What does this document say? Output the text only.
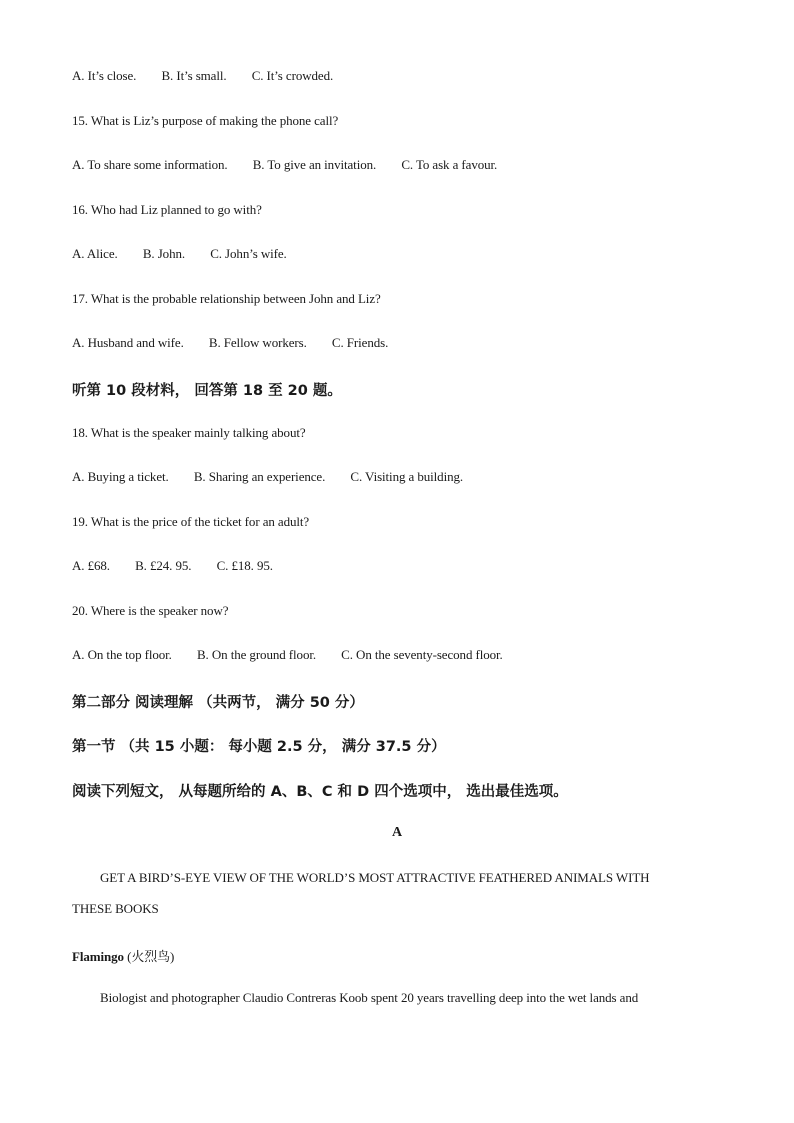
A. It’s close. B. It’s small. C. It’s crowded.
15. What is Liz’s purpose of making the phone call?
A. To share some information. B. To give an invitation. C. To ask a favour.
16. Who had Liz planned to go with?
A. Alice. B. John. C. John’s wife.
17. What is the probable relationship between John and Liz?
A. Husband and wife. B. Fellow workers. C. Friends.
听第 10 段材料， 回答第 18 至 20 题。
18. What is the speaker mainly talking about?
A. Buying a ticket. B. Sharing an experience. C. Visiting a building.
19. What is the price of the ticket for an adult?
A. £68. B. £24. 95. C. £18. 95.
20. Where is the speaker now?
A. On the top floor. B. On the ground floor. C. On the seventy-second floor.
第二部分 阅读理解 （共两节， 满分 50 分）
第一节 （共 15 小题： 每小题 2.5 分， 满分 37.5 分）
阅读下列短文， 从每题所给的 A、B、C 和 D 四个选项中， 选出最佳选项。
A
GET A BIRD’S-EYE VIEW OF THE WORLD’S MOST ATTRACTIVE FEATHERED ANIMALS WITH
THESE BOOKS
Flamingo (火烈鸟)
Biologist and photographer Claudio Contreras Koob spent 20 years travelling deep into the wet lands and
